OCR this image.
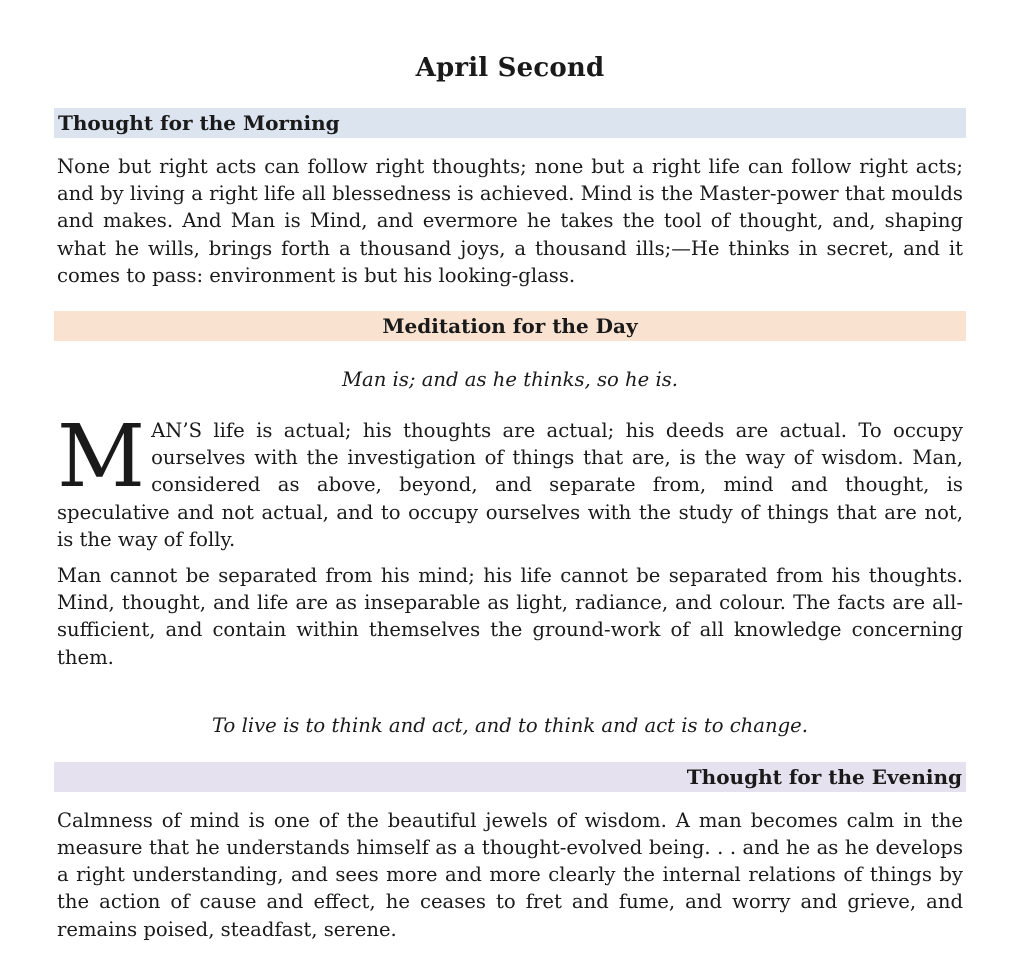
April Second
Thought for the Morning

None but right acts can follow right thoughts; none but a right life can follow right acts; and by living a right life all blessedness is achieved. Mind is the Master-power that moulds and makes. And Man is Mind, and evermore he takes the tool of thought, and, shaping what he wills, brings forth a thousand joys, a thousand ills;—He thinks in secret, and it comes to pass: environment is but his looking-glass.

Meditation for the Day

Man is; and as he thinks, so he is.

MAN’S life is actual; his thoughts are actual; his deeds are actual. To occupy ourselves with the investigation of things that are, is the way of wisdom. Man, considered as above, beyond, and separate from, mind and thought, is speculative and not actual, and to occupy ourselves with the study of things that are not, is the way of folly.

Man cannot be separated from his mind; his life cannot be separated from his thoughts. Mind, thought, and life are as inseparable as light, radiance, and colour. The facts are all-sufficient, and contain within themselves the ground-work of all knowledge concerning them.

To live is to think and act, and to think and act is to change.

Thought for the Evening

Calmness of mind is one of the beautiful jewels of wisdom. A man becomes calm in the measure that he understands himself as a thought-evolved being. . . and he as he develops a right understanding, and sees more and more clearly the internal relations of things by the action of cause and effect, he ceases to fret and fume, and worry and grieve, and remains poised, steadfast, serene.
